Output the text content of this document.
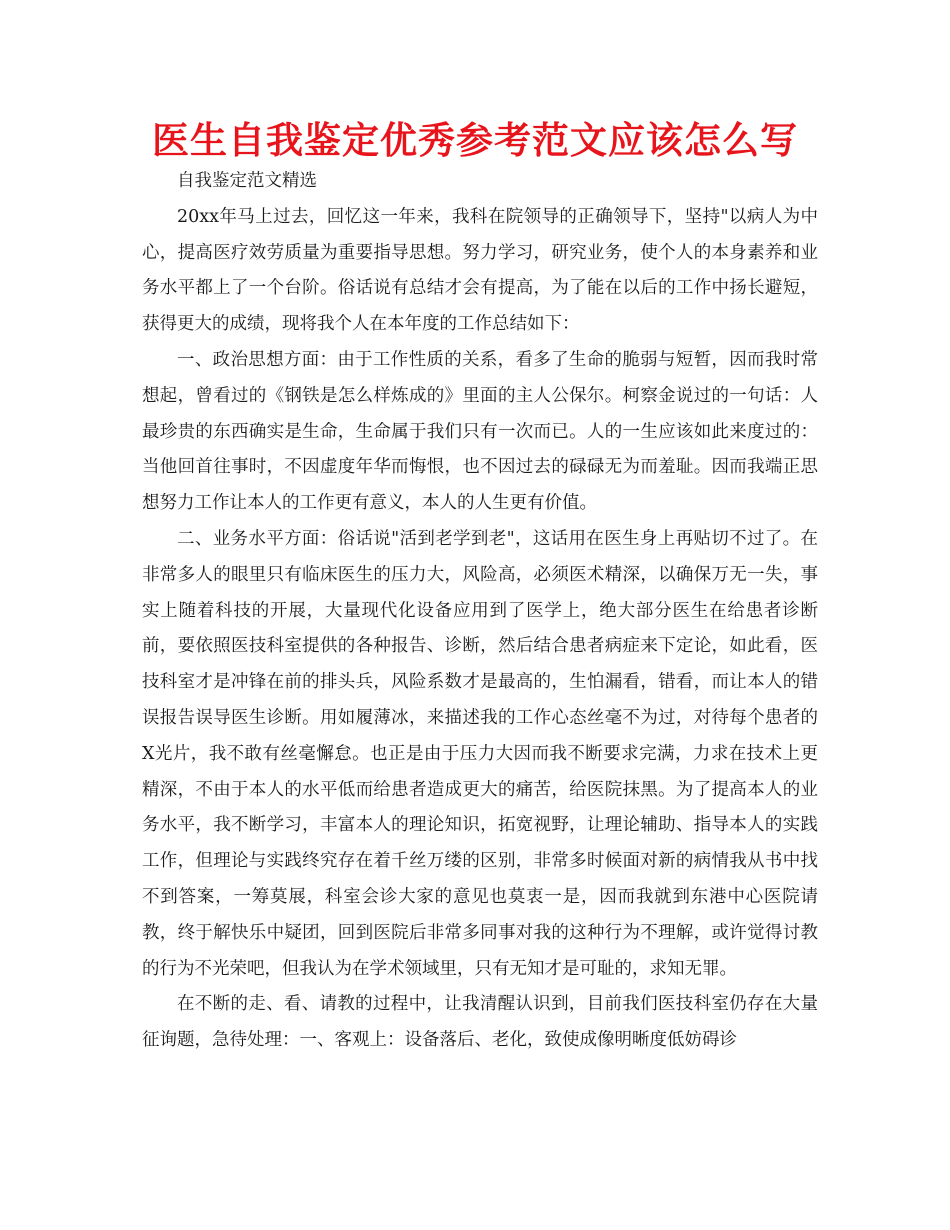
医生自我鉴定优秀参考范文应该怎么写

自我鉴定范文精选

20xx年马上过去，回忆这一年来，我科在院领导的正确领导下，坚持"以病人为中心，提高医疗效劳质量为重要指导思想。努力学习，研究业务，使个人的本身素养和业务水平都上了一个台阶。俗话说有总结才会有提高，为了能在以后的工作中扬长避短，获得更大的成绩，现将我个人在本年度的工作总结如下：

一、政治思想方面：由于工作性质的关系，看多了生命的脆弱与短暂，因而我时常想起，曾看过的《钢铁是怎么样炼成的》里面的主人公保尔。柯察金说过的一句话：人最珍贵的东西确实是生命，生命属于我们只有一次而已。人的一生应该如此来度过的：当他回首往事时，不因虚度年华而悔恨，也不因过去的碌碌无为而羞耻。因而我端正思想努力工作让本人的工作更有意义，本人的人生更有价值。

二、业务水平方面：俗话说"活到老学到老"，这话用在医生身上再贴切不过了。在非常多人的眼里只有临床医生的压力大，风险高，必须医术精深，以确保万无一失，事实上随着科技的开展，大量现代化设备应用到了医学上，绝大部分医生在给患者诊断前，要依照医技科室提供的各种报告、诊断，然后结合患者病症来下定论，如此看，医技科室才是冲锋在前的排头兵，风险系数才是最高的，生怕漏看，错看，而让本人的错误报告误导医生诊断。用如履薄冰，来描述我的工作心态丝毫不为过，对待每个患者的X光片，我不敢有丝毫懈怠。也正是由于压力大因而我不断要求完满，力求在技术上更精深，不由于本人的水平低而给患者造成更大的痛苦，给医院抹黑。为了提高本人的业务水平，我不断学习，丰富本人的理论知识，拓宽视野，让理论辅助、指导本人的实践工作，但理论与实践终究存在着千丝万缕的区别，非常多时候面对新的病情我从书中找不到答案，一筹莫展，科室会诊大家的意见也莫衷一是，因而我就到东港中心医院请教，终于解快乐中疑团，回到医院后非常多同事对我的这种行为不理解，或许觉得讨教的行为不光荣吧，但我认为在学术领域里，只有无知才是可耻的，求知无罪。

在不断的走、看、请教的过程中，让我清醒认识到，目前我们医技科室仍存在大量征询题，急待处理：一、客观上：设备落后、老化，致使成像明晰度低妨碍诊
